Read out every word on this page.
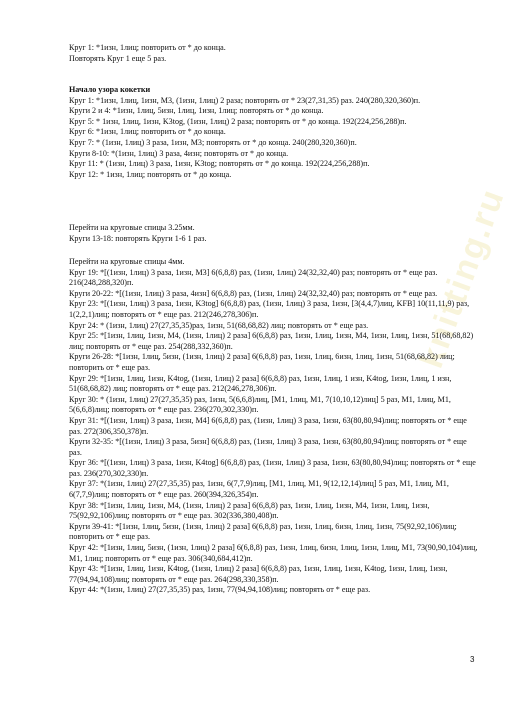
knitting.ru

Круг 1: *1изн, 1лиц; повторить от * до конца.

Повторять Круг 1 еще 5 раз.

Начало узора кокетки

Круг 1: *1изн, 1лиц, 1изн, М3, (1изн, 1лиц) 2 раза; повторять от * 23(27,31,35) раз. 240(280,320,360)п.

Круги 2 и 4: *1изн, 1лиц, 5изн, 1лиц, 1изн, 1лиц; повторять от * до конца.

Круг 5: * 1изн, 1лиц, 1изн, K3tog, (1изн, 1лиц) 2 раза; повторять от * до конца. 192(224,256,288)п.

Круг 6: *1изн, 1лиц; повторить от * до конца.

Круг 7: * (1изн, 1лиц) 3 раза, 1изн, М3; повторять от * до конца. 240(280,320,360)п.

Круги 8-10: *(1изн, 1лиц) 3 раза, 4изн; повторять от * до конца.

Круг 11: * (1изн, 1лиц) 3 раза, 1изн, K3tog; повторять от * до конца. 192(224,256,288)п.

Круг 12: * 1изн, 1лиц; повторять от * до конца.

Перейти на круговые спицы 3.25мм.

Круги 13-18: повторять Круги 1-6 1 раз.

Перейти на круговые спицы 4мм.

Круг 19: *[(1изн, 1лиц) 3 раза, 1изн, М3] 6(6,8,8) раз, (1изн, 1лиц) 24(32,32,40) раз; повторять от * еще раз. 216(248,288,320)п.

Круги 20-22: *[(1изн, 1лиц) 3 раза, 4изн] 6(6,8,8) раз, (1изн, 1лиц) 24(32,32,40) раз; повторять от * еще раз.

Круг 23: *[(1изн, 1лиц) 3 раза, 1изн, K3tog] 6(6,8,8) раз, (1изн, 1лиц) 3 раза, 1изн, [3(4,4,7)лиц, KFB] 10(11,11,9) раз, 1(2,2,1)лиц; повторять от * еще раз. 212(246,278,306)п.

Круг 24: * (1изн, 1лиц) 27(27,35,35)раз, 1изн, 51(68,68,82) лиц; повторять от * еще раз.

Круг 25: *[1изн, 1лиц, 1изн, М4, (1изн, 1лиц) 2 раза] 6(6,8,8) раз, 1изн, 1лиц, 1изн, М4, 1изн, 1лиц, 1изн, 51(68,68,82) лиц; повторять от * еще раз. 254(288,332,360)п.

Круги 26-28: *[1изн, 1лиц, 5изн, (1изн, 1лиц) 2 раза] 6(6,8,8) раз, 1изн, 1лиц, 6изн, 1лиц, 1изн, 51(68,68,82) лиц; повторить от * еще раз.

Круг 29: *[1изн, 1лиц, 1изн, K4tog, (1изн, 1лиц) 2 раза] 6(6,8,8) раз, 1изн, 1лиц, 1 изн, K4tog, 1изн, 1лиц, 1 изн, 51(68,68,82) лиц; повторять от * еще раз. 212(246,278,306)п.

Круг 30: * (1изн, 1лиц) 27(27,35,35) раз, 1изн, 5(6,6,8)лиц, [М1, 1лиц, М1, 7(10,10,12)лиц] 5 раз, М1, 1лиц, М1, 5(6,6,8)лиц; повторять от * еще раз. 236(270,302,330)п.

Круг 31: *[(1изн, 1лиц) 3 раза, 1изн, М4] 6(6,8,8) раз, (1изн, 1лиц) 3 раза, 1изн, 63(80,80,94)лиц; повторять от * еще раз. 272(306,350,378)п.

Круги 32-35: *[(1изн, 1лиц) 3 раза, 5изн] 6(6,8,8) раз, (1изн, 1лиц) 3 раза, 1изн, 63(80,80,94)лиц; повторять от * еще раз.

Круг 36: *[(1изн, 1лиц) 3 раза, 1изн, K4tog] 6(6,8,8) раз, (1изн, 1лиц) 3 раза, 1изн, 63(80,80,94)лиц; повторять от * еще раз. 236(270,302,330)п.

Круг 37: *(1изн, 1лиц) 27(27,35,35) раз, 1изн, 6(7,7,9)лиц, [М1, 1лиц, М1, 9(12,12,14)лиц] 5 раз, М1, 1лиц, М1, 6(7,7,9)лиц; повторять от * еще раз. 260(394,326,354)п.

Круг 38: *[1изн, 1лиц, 1изн, М4, (1изн, 1лиц) 2 раза] 6(6,8,8) раз, 1изн, 1лиц, 1изн, М4, 1изн, 1лиц, 1изн, 75(92,92,106)лиц; повторять от * еще раз. 302(336,380,408)п.

Круги 39-41: *[1изн, 1лиц, 5изн, (1изн, 1лиц) 2 раза] 6(6,8,8) раз, 1изн, 1лиц, 6изн, 1лиц, 1изн, 75(92,92,106)лиц; повторить от * еще раз.

Круг 42: *[1изн, 1лиц, 5изн, (1изн, 1лиц) 2 раза] 6(6,8,8) раз, 1изн, 1лиц, 6изн, 1лиц, 1изн, 1лиц, М1, 73(90,90,104)лиц, М1, 1лиц; повторить от * еще раз. 306(340,684,412)п.

Круг 43: *[1изн, 1лиц, 1изн, K4tog, (1изн, 1лиц) 2 раза] 6(6,8,8) раз, 1изн, 1лиц, 1изн, K4tog, 1изн, 1лиц, 1изн, 77(94,94,108)лиц; повторять от * еще раз. 264(298,330,358)п.

Круг 44: *(1изн, 1лиц) 27(27,35,35) раз, 1изн, 77(94,94,108)лиц; повторять от * еще раз.

3
